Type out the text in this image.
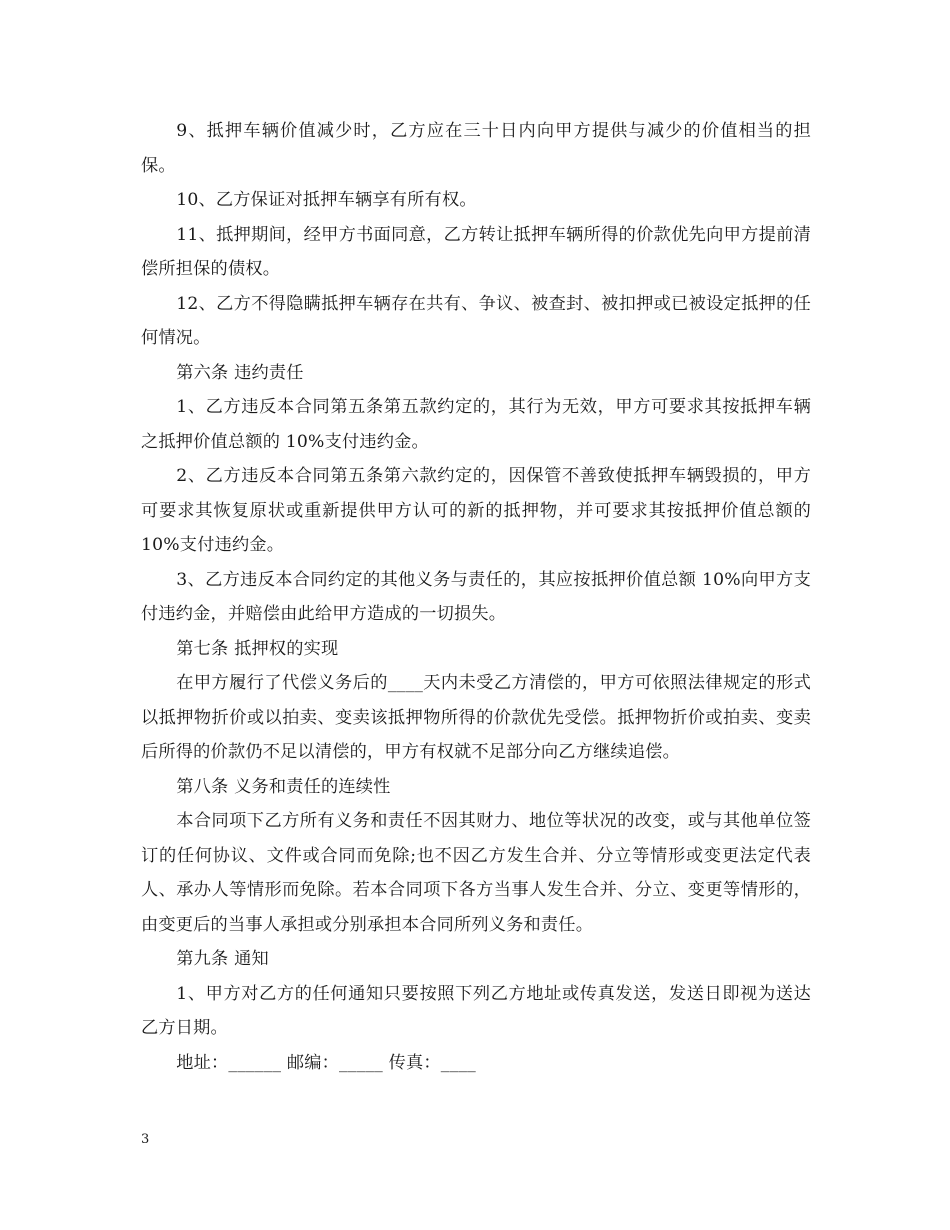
9、抵押车辆价值减少时，乙方应在三十日内向甲方提供与减少的价值相当的担保。

10、乙方保证对抵押车辆享有所有权。

11、抵押期间，经甲方书面同意，乙方转让抵押车辆所得的价款优先向甲方提前清偿所担保的债权。

12、乙方不得隐瞒抵押车辆存在共有、争议、被查封、被扣押或已被设定抵押的任何情况。

第六条 违约责任

1、乙方违反本合同第五条第五款约定的，其行为无效，甲方可要求其按抵押车辆之抵押价值总额的 10%支付违约金。

2、乙方违反本合同第五条第六款约定的，因保管不善致使抵押车辆毁损的，甲方可要求其恢复原状或重新提供甲方认可的新的抵押物，并可要求其按抵押价值总额的 10%支付违约金。

3、乙方违反本合同约定的其他义务与责任的，其应按抵押价值总额 10%向甲方支付违约金，并赔偿由此给甲方造成的一切损失。

第七条 抵押权的实现

在甲方履行了代偿义务后的____天内未受乙方清偿的，甲方可依照法律规定的形式以抵押物折价或以拍卖、变卖该抵押物所得的价款优先受偿。抵押物折价或拍卖、变卖后所得的价款仍不足以清偿的，甲方有权就不足部分向乙方继续追偿。

第八条 义务和责任的连续性

本合同项下乙方所有义务和责任不因其财力、地位等状况的改变，或与其他单位签订的任何协议、文件或合同而免除;也不因乙方发生合并、分立等情形或变更法定代表人、承办人等情形而免除。若本合同项下各方当事人发生合并、分立、变更等情形的，由变更后的当事人承担或分别承担本合同所列义务和责任。

第九条 通知

1、甲方对乙方的任何通知只要按照下列乙方地址或传真发送，发送日即视为送达乙方日期。

地址：______ 邮编：_____ 传真：____

3
